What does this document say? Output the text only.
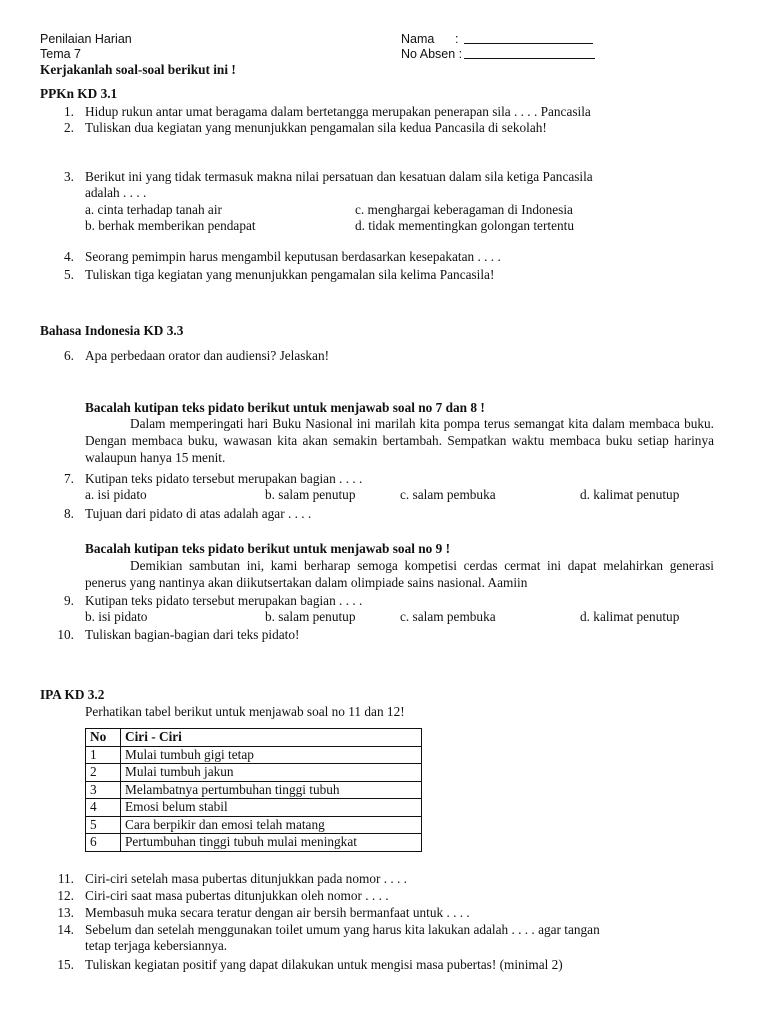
Penilaian Harian
Tema 7
Kerjakanlah soal-soal berikut ini !
Nama :
No Absen :
PPKn KD 3.1
1. Hidup rukun antar umat beragama dalam bertetangga merupakan penerapan sila . . . . Pancasila
2. Tuliskan dua kegiatan yang menunjukkan pengamalan sila kedua Pancasila di sekolah!
3. Berikut ini yang tidak termasuk makna nilai persatuan dan kesatuan dalam sila ketiga Pancasila
adalah . . . .
a. cinta terhadap tanah air	c. menghargai keberagaman di Indonesia
b. berhak memberikan pendapat	d. tidak mementingkan golongan tertentu
4. Seorang pemimpin harus mengambil keputusan berdasarkan kesepakatan . . . .
5. Tuliskan tiga kegiatan yang menunjukkan pengamalan sila kelima Pancasila!
Bahasa Indonesia KD 3.3
6. Apa perbedaan orator dan audiensi? Jelaskan!
Bacalah kutipan teks pidato berikut untuk menjawab soal no 7 dan 8 !

Dalam memperingati hari Buku Nasional ini marilah kita pompa terus semangat kita dalam membaca buku. Dengan membaca buku, wawasan kita akan semakin bertambah. Sempatkan waktu membaca buku setiap harinya walaupun hanya 15 menit.

7. Kutipan teks pidato tersebut merupakan bagian . . . .
a. isi pidato	b. salam penutup	c. salam pembuka	d. kalimat penutup
8. Tujuan dari pidato di atas adalah agar . . . .
Bacalah kutipan teks pidato berikut untuk menjawab soal no 9 !

Demikian sambutan ini, kami berharap semoga kompetisi cerdas cermat ini dapat melahirkan generasi penerus yang nantinya akan diikutsertakan dalam olimpiade sains nasional. Aamiin

9. Kutipan teks pidato tersebut merupakan bagian . . . .
b. isi pidato	b. salam penutup	c. salam pembuka	d. kalimat penutup
10. Tuliskan bagian-bagian dari teks pidato!
IPA KD 3.2
Perhatikan tabel berikut untuk menjawab soal no 11 dan 12!
No	Ciri - Ciri
1	Mulai tumbuh gigi tetap
2	Mulai tumbuh jakun
3	Melambatnya pertumbuhan tinggi tubuh
4	Emosi belum stabil
5	Cara berpikir dan emosi telah matang
6	Pertumbuhan tinggi tubuh mulai meningkat
11. Ciri-ciri setelah masa pubertas ditunjukkan pada nomor . . . .
12. Ciri-ciri saat masa pubertas ditunjukkan oleh nomor . . . .
13. Membasuh muka secara teratur dengan air bersih bermanfaat untuk . . . .
14. Sebelum dan setelah menggunakan toilet umum yang harus kita lakukan adalah . . . . agar tangan
tetap terjaga kebersiannya.
15. Tuliskan kegiatan positif yang dapat dilakukan untuk mengisi masa pubertas! (minimal 2)
